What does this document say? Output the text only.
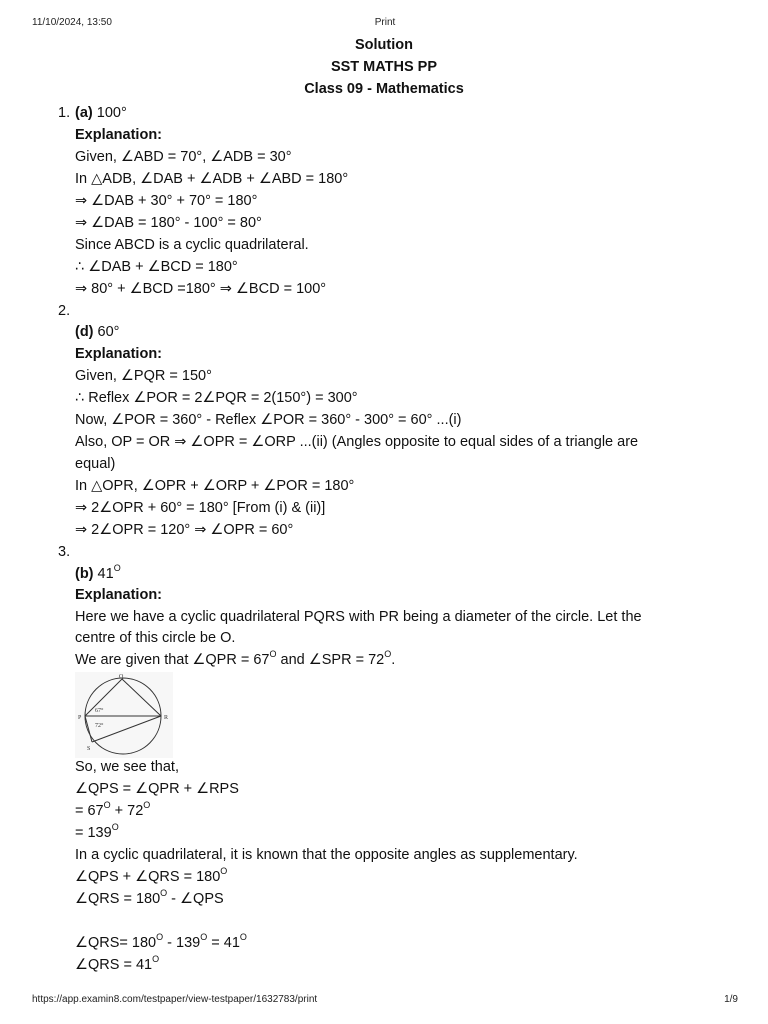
11/10/2024, 13:50	Print
Solution
SST MATHS PP
Class 09 - Mathematics
1. (a) 100°
Explanation:
Given, ∠ABD = 70°, ∠ADB = 30°
In △ADB, ∠DAB + ∠ADB + ∠ABD = 180°
⇒ ∠DAB + 30° + 70° = 180°
⇒ ∠DAB = 180° - 100° = 80°
Since ABCD is a cyclic quadrilateral.
∴ ∠DAB + ∠BCD = 180°
⇒ 80° + ∠BCD =180° ⇒ ∠BCD = 100°
2.
(d) 60°
Explanation:
Given, ∠PQR = 150°
∴ Reflex ∠POR = 2∠PQR = 2(150°) = 300°
Now, ∠POR = 360° - Reflex ∠POR = 360° - 300° = 60° ...(i)
Also, OP = OR ⇒ ∠OPR = ∠ORP ...(ii) (Angles opposite to equal sides of a triangle are
equal)
In △OPR, ∠OPR + ∠ORP + ∠POR = 180°
⇒ 2∠OPR + 60° = 180° [From (i) & (ii)]
⇒ 2∠OPR = 120° ⇒ ∠OPR = 60°
3.
(b) $41^O$
Explanation:
Here we have a cyclic quadrilateral PQRS with PR being a diameter of the circle. Let the
centre of this circle be O.
We are given that ∠QPR = $67^O$ and ∠SPR = $72^O$.
So, we see that,
∠QPS = ∠QPR + ∠RPS
= $67^O + 72^O$
= $139^O$
In a cyclic quadrilateral, it is known that the opposite angles as supplementary.
∠QPS + ∠QRS = $180^O$
∠QRS = $180^O$ - ∠QPS
∠QRS= $180^O - 139^O = 41^O$
∠QRS = $41^O$
Q
P	R
S
67°
72°
https://app.examin8.com/testpaper/view-testpaper/1632783/print	1/9
